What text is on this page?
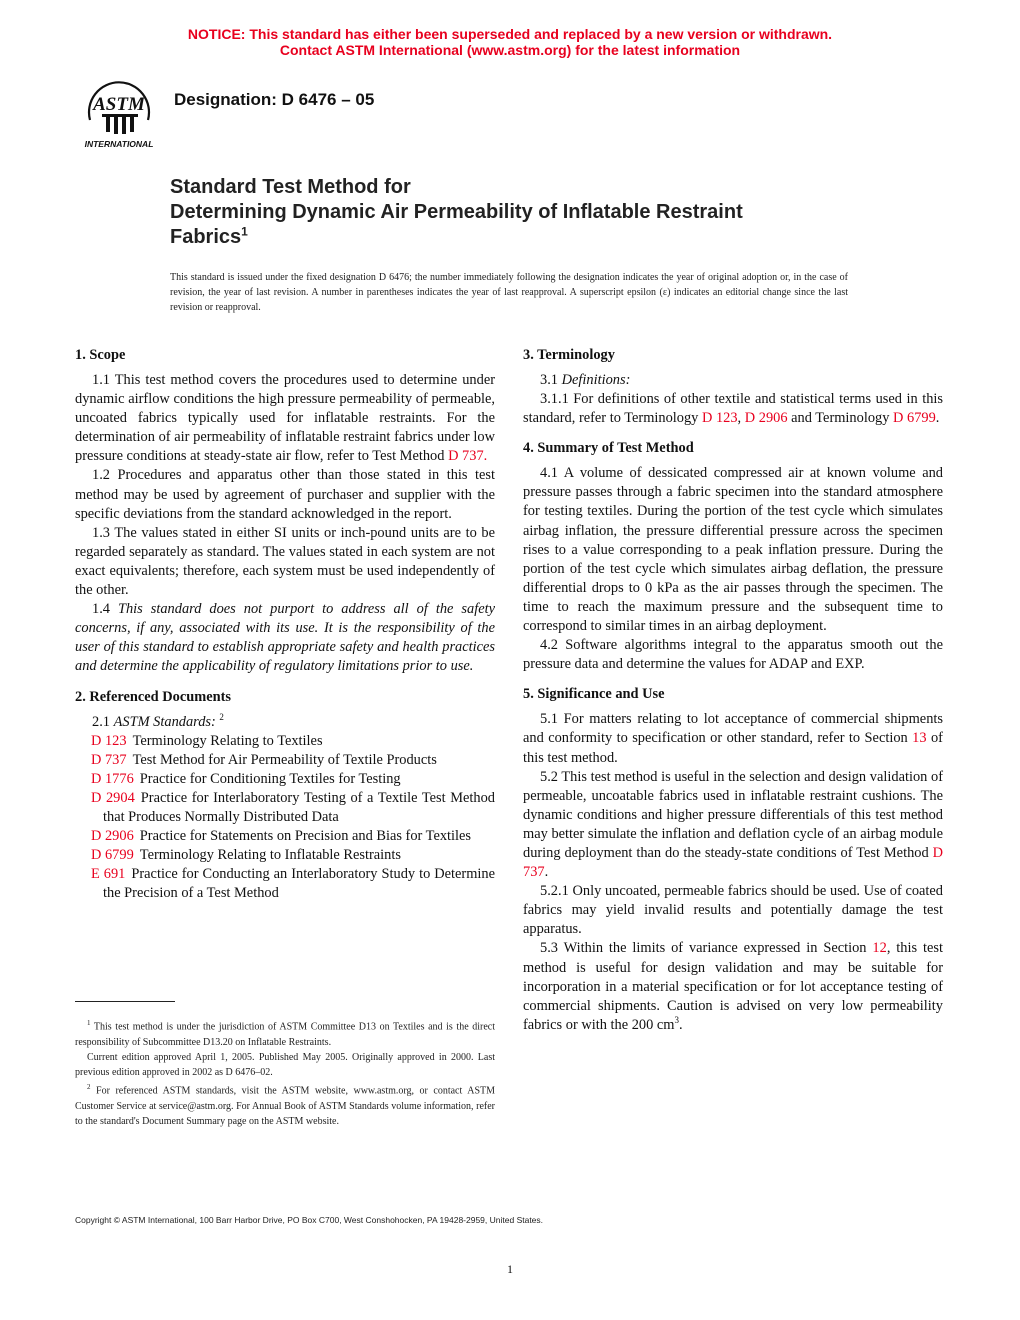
NOTICE: This standard has either been superseded and replaced by a new version or withdrawn.
Contact ASTM International (www.astm.org) for the latest information
ASTM
INTERNATIONAL
Designation: D 6476 – 05
Standard Test Method for
Determining Dynamic Air Permeability of Inflatable Restraint
Fabrics$^1$
This standard is issued under the fixed designation D 6476; the number immediately following the designation indicates the year of original adoption or, in the case of revision, the year of last revision. A number in parentheses indicates the year of last reapproval. A superscript epsilon (ε) indicates an editorial change since the last revision or reapproval.
1. Scope

1.1 This test method covers the procedures used to determine under dynamic airflow conditions the high pressure permeability of permeable, uncoated fabrics typically used for inflatable restraints. For the determination of air permeability of inflatable restraint fabrics under low pressure conditions at steady-state air flow, refer to Test Method D 737.

1.2 Procedures and apparatus other than those stated in this test method may be used by agreement of purchaser and supplier with the specific deviations from the standard acknowledged in the report.

1.3 The values stated in either SI units or inch-pound units are to be regarded separately as standard. The values stated in each system are not exact equivalents; therefore, each system must be used independently of the other.

1.4 This standard does not purport to address all of the safety concerns, if any, associated with its use. It is the responsibility of the user of this standard to establish appropriate safety and health practices and determine the applicability of regulatory limitations prior to use.

2. Referenced Documents

2.1 ASTM Standards: $^2$

D 123 Terminology Relating to Textiles

D 737 Test Method for Air Permeability of Textile Products

D 1776 Practice for Conditioning Textiles for Testing

D 2904 Practice for Interlaboratory Testing of a Textile Test Method that Produces Normally Distributed Data

D 2906 Practice for Statements on Precision and Bias for Textiles

D 6799 Terminology Relating to Inflatable Restraints

E 691 Practice for Conducting an Interlaboratory Study to Determine the Precision of a Test Method

3. Terminology

3.1 Definitions:

3.1.1 For definitions of other textile and statistical terms used in this standard, refer to Terminology D 123, D 2906 and Terminology D 6799.

4. Summary of Test Method

4.1 A volume of dessicated compressed air at known volume and pressure passes through a fabric specimen into the standard atmosphere for testing textiles. During the portion of the test cycle which simulates airbag inflation, the pressure differential pressure across the specimen rises to a value corresponding to a peak inflation pressure. During the portion of the test cycle which simulates airbag deflation, the pressure differential drops to 0 kPa as the air passes through the specimen. The time to reach the maximum pressure and the subsequent time to correspond to similar times in an airbag deployment.

4.2 Software algorithms integral to the apparatus smooth out the pressure data and determine the values for ADAP and EXP.

5. Significance and Use

5.1 For matters relating to lot acceptance of commercial shipments and conformity to specification or other standard, refer to Section 13 of this test method.

5.2 This test method is useful in the selection and design validation of permeable, uncoatable fabrics used in inflatable restraint cushions. The dynamic conditions and higher pressure differentials of this test method may better simulate the inflation and deflation cycle of an airbag module during deployment than do the steady-state conditions of Test Method D 737.

5.2.1 Only uncoated, permeable fabrics should be used. Use of coated fabrics may yield invalid results and potentially damage the test apparatus.

5.3 Within the limits of variance expressed in Section 12, this test method is useful for design validation and may be suitable for incorporation in a material specification or for lot acceptance testing of commercial shipments. Caution is advised on very low permeability fabrics or with the 200 $cm^3$.

$^1$ This test method is under the jurisdiction of ASTM Committee D13 on Textiles and is the direct responsibility of Subcommittee D13.20 on Inflatable Restraints.

Current edition approved April 1, 2005. Published May 2005. Originally approved in 2000. Last previous edition approved in 2002 as D 6476–02.

$^2$ For referenced ASTM standards, visit the ASTM website, www.astm.org, or contact ASTM Customer Service at service@astm.org. For Annual Book of ASTM Standards volume information, refer to the standard's Document Summary page on the ASTM website.

Copyright © ASTM International, 100 Barr Harbor Drive, PO Box C700, West Conshohocken, PA 19428-2959, United States.
1
